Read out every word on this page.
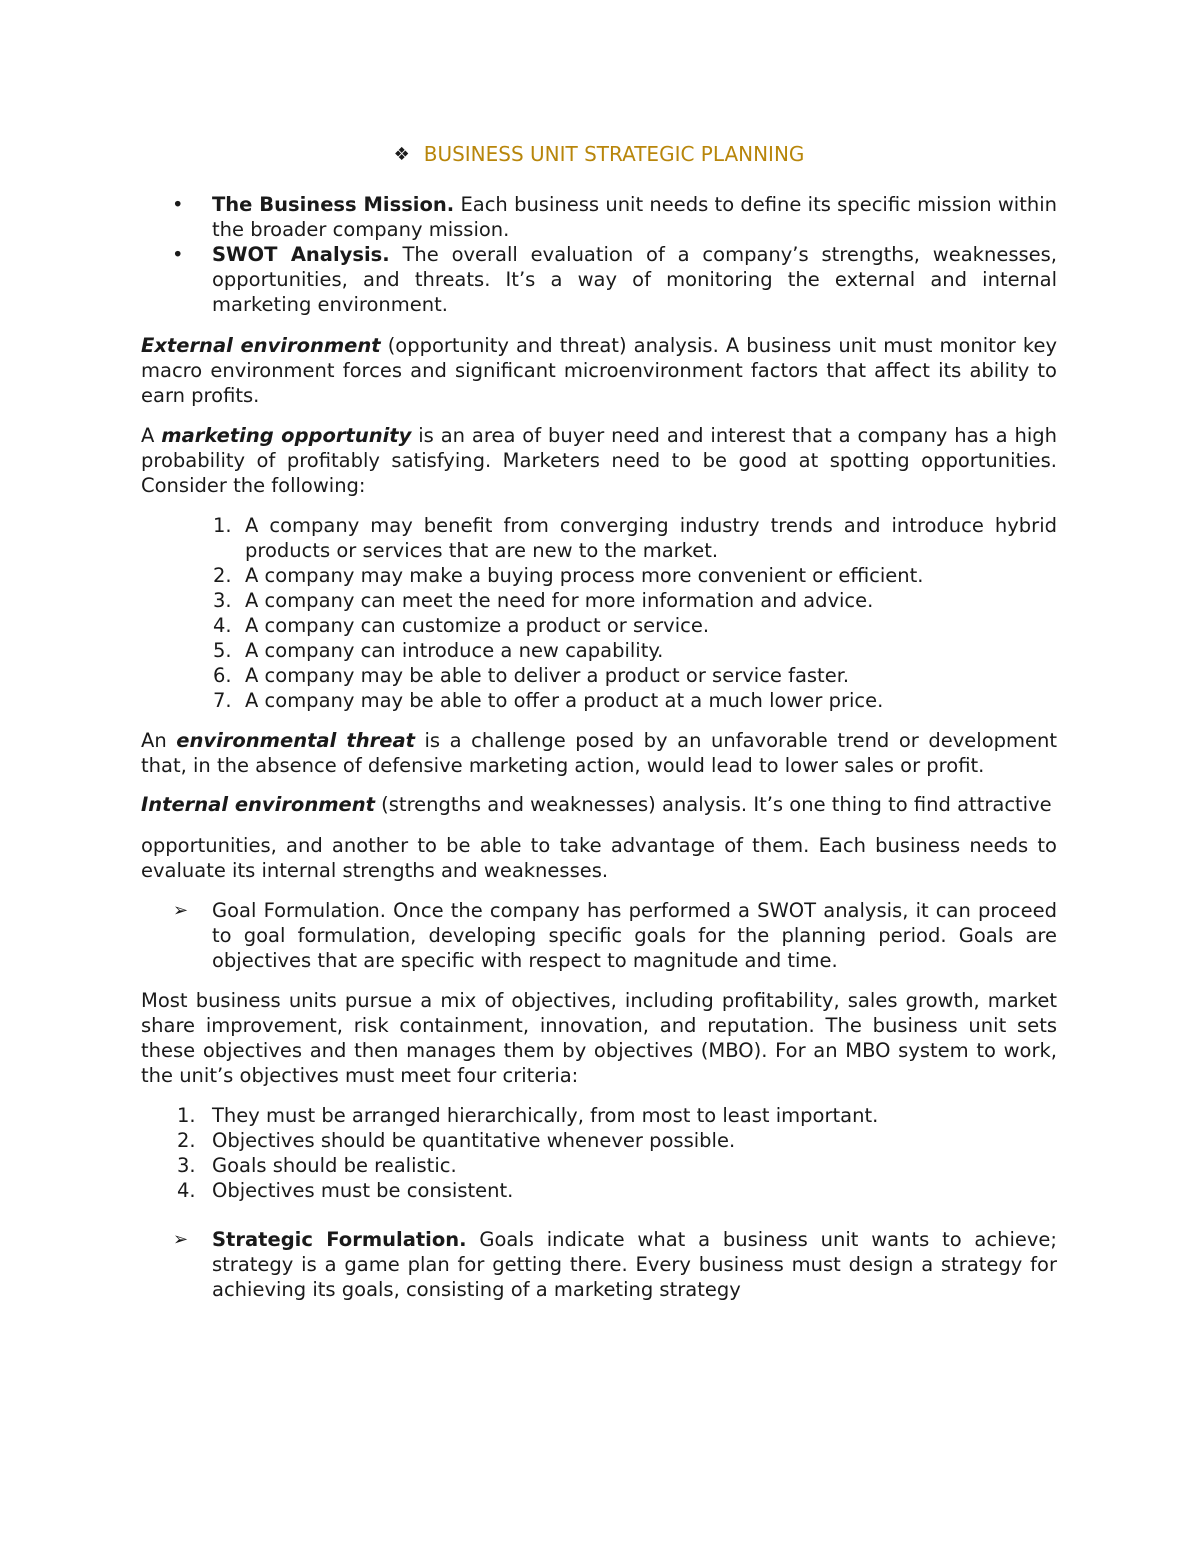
❖ BUSINESS UNIT STRATEGIC PLANNING
•	The Business Mission. Each business unit needs to define its specific mission within the broader company mission.
•	SWOT Analysis. The overall evaluation of a company’s strengths, weaknesses, opportunities, and threats. It’s a way of monitoring the external and internal marketing environment.

External environment (opportunity and threat) analysis. A business unit must monitor key macro environment forces and significant microenvironment factors that affect its ability to earn profits.

A marketing opportunity is an area of buyer need and interest that a company has a high probability of profitably satisfying. Marketers need to be good at spotting opportunities. Consider the following:

1. A company may benefit from converging industry trends and introduce hybrid products or services that are new to the market.
2. A company may make a buying process more convenient or efficient.
3. A company can meet the need for more information and advice.
4. A company can customize a product or service.
5. A company can introduce a new capability.
6. A company may be able to deliver a product or service faster.
7. A company may be able to offer a product at a much lower price.

An environmental threat is a challenge posed by an unfavorable trend or development that, in the absence of defensive marketing action, would lead to lower sales or profit.

Internal environment (strengths and weaknesses) analysis. It’s one thing to find attractive

opportunities, and another to be able to take advantage of them. Each business needs to evaluate its internal strengths and weaknesses.

➢	Goal Formulation. Once the company has performed a SWOT analysis, it can proceed to goal formulation, developing specific goals for the planning period. Goals are objectives that are specific with respect to magnitude and time.

Most business units pursue a mix of objectives, including profitability, sales growth, market share improvement, risk containment, innovation, and reputation. The business unit sets these objectives and then manages them by objectives (MBO). For an MBO system to work, the unit’s objectives must meet four criteria:

1. They must be arranged hierarchically, from most to least important.
2. Objectives should be quantitative whenever possible.
3. Goals should be realistic.
4. Objectives must be consistent.
➢	Strategic Formulation. Goals indicate what a business unit wants to achieve; strategy is a game plan for getting there. Every business must design a strategy for achieving its goals, consisting of a marketing strategy
